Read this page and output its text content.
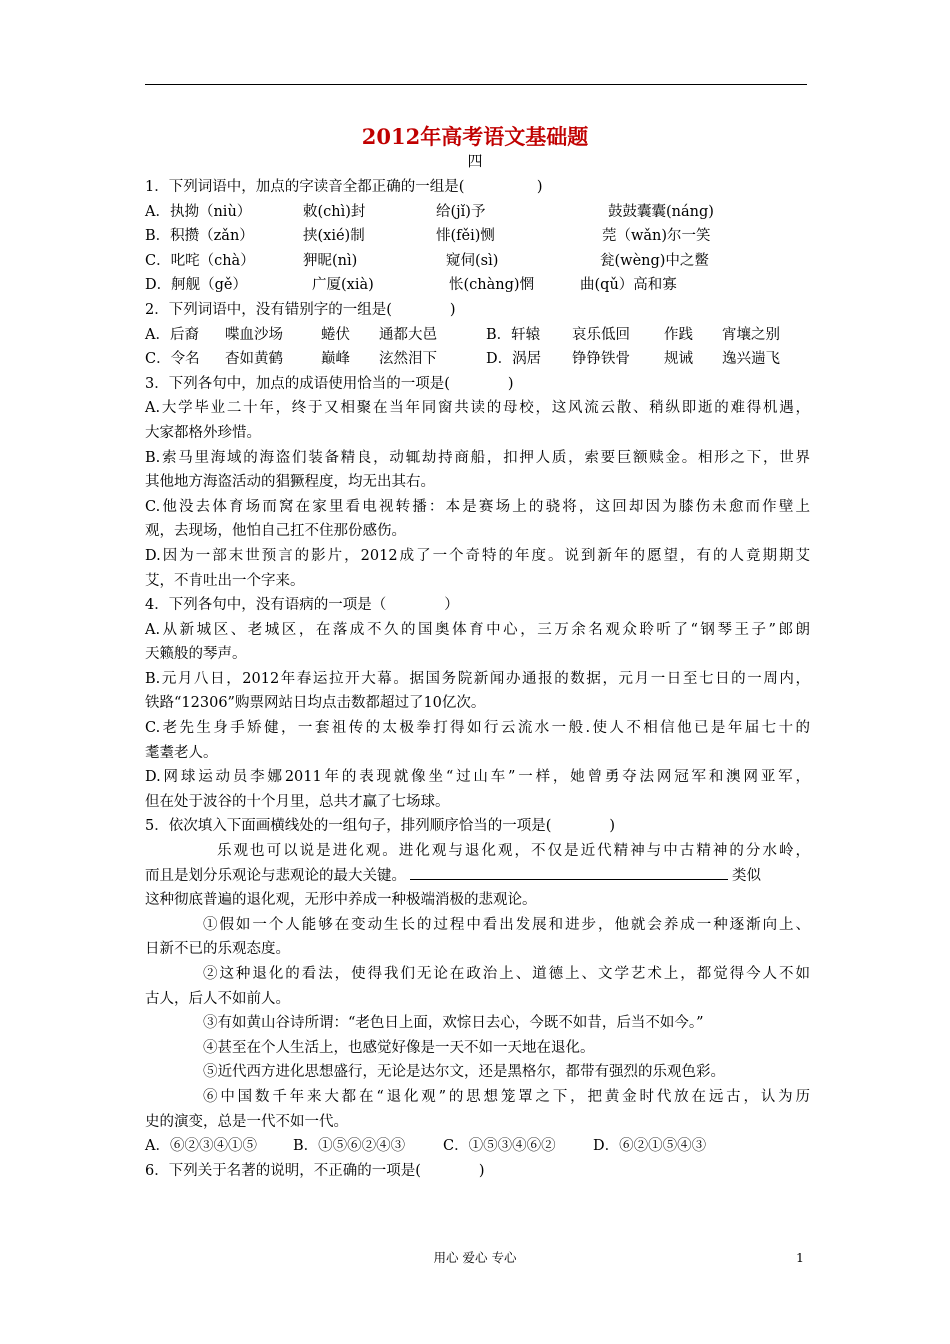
2012年高考语文基础题
四
1．下列词语中，加点的字读音全都正确的一组是(　　　　　)
A．执拗（niù）	敕(chì)封	给(jǐ)予	鼓鼓囊囊(náng)
B．积攒（zǎn）	挟(xié)制	悱(fěi)恻	莞（wǎn)尔一笑
C．叱咤（chà）	狎昵(nì)	窥伺(sì)	瓮(wèng)中之鳖
D．舸舰（gě）	广厦(xià)	怅(chàng)惘	曲(qǔ）高和寡
2．下列词语中，没有错别字的一组是(　　　　)
A．后裔 喋血沙场	蜷伏 通都大邑	B．轩辕 哀乐低回 作践 宵壤之别
C．令名 杳如黄鹤	巅峰 泫然泪下	D．涡居 铮铮铁骨 规诫 逸兴遄飞
3．下列各句中，加点的成语使用恰当的一项是(　　　　)
A.大学毕业二十年，终于又相聚在当年同窗共读的母校，这风流云散、稍纵即逝的难得机遇，
大家都格外珍惜。
B.索马里海域的海盗们装备精良，动辄劫持商船，扣押人质，索要巨额赎金。相形之下，世界
其他地方海盗活动的猖獗程度，均无出其右。
C.他没去体育场而窝在家里看电视转播：本是赛场上的骁将，这回却因为膝伤未愈而作壁上
观，去现场，他怕自己扛不住那份感伤。
D.因为一部末世预言的影片，2012成了一个奇特的年度。说到新年的愿望，有的人竟期期艾
艾，不肯吐出一个字来。
4．下列各句中，没有语病的一项是（　　　　）
A.从新城区、老城区，在落成不久的国奥体育中心，三万余名观众聆听了“钢琴王子”郎朗
天籁般的琴声。
B.元月八日，2012年春运拉开大幕。据国务院新闻办通报的数据，元月一日至七日的一周内，
铁路“12306”购票网站日均点击数都超过了10亿次。
C.老先生身手矫健，一套祖传的太极拳打得如行云流水一般.使人不相信他已是年届七十的
耄耋老人。
D.网球运动员李娜2011年的表现就像坐“过山车”一样，她曾勇夺法网冠军和澳网亚军，
但在处于波谷的十个月里，总共才赢了七场球。
5．依次填入下面画横线处的一组句子，排列顺序恰当的一项是(　　　　)
乐观也可以说是进化观。进化观与退化观，不仅是近代精神与中古精神的分水岭，
而且是划分乐观论与悲观论的最大关键。	类似
这种彻底普遍的退化观，无形中养成一种极端消极的悲观论。
①假如一个人能够在变动生长的过程中看出发展和进步，他就会养成一种逐渐向上、
日新不已的乐观态度。
②这种退化的看法，使得我们无论在政治上、道德上、文学艺术上，都觉得今人不如
古人，后人不如前人。
③有如黄山谷诗所谓：“老色日上面，欢悰日去心，今既不如昔，后当不如今。”
④甚至在个人生活上，也感觉好像是一天不如一天地在退化。
⑤近代西方进化思想盛行，无论是达尔文，还是黑格尔，都带有强烈的乐观色彩。
⑥中国数千年来大都在“退化观”的思想笼罩之下，把黄金时代放在远古，认为历
史的演变，总是一代不如一代。
A．⑥②③④①⑤ B．①⑤⑥②④③	C．①⑤③④⑥②	D．⑥②①⑤④③
6．下列关于名著的说明，不正确的一项是(　　　　)
用心 爱心 专心	1
